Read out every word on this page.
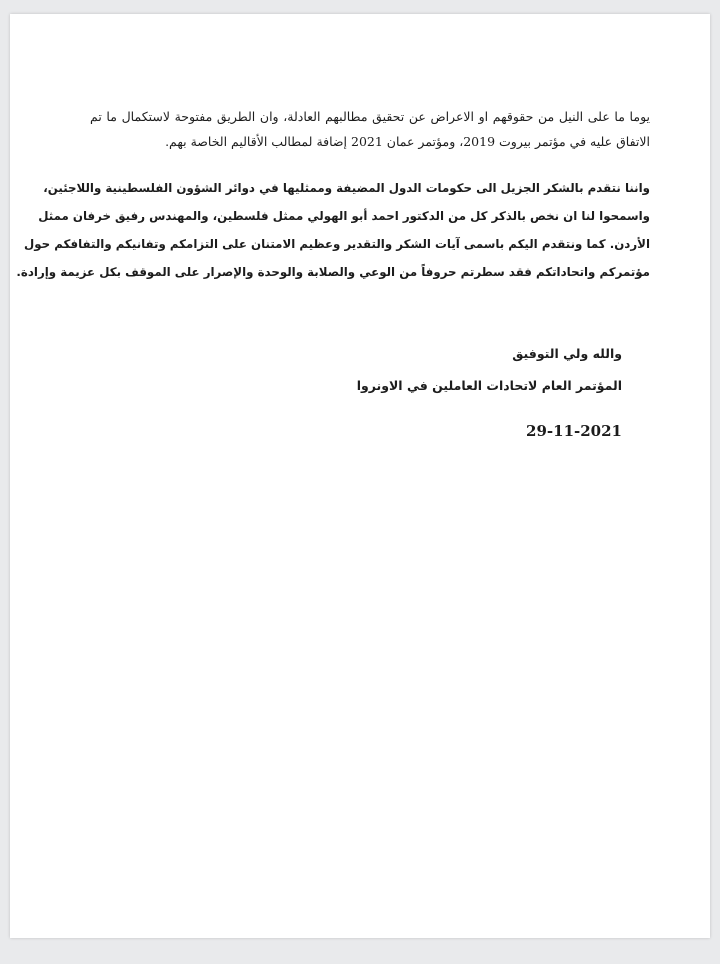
يوما ما على النيل من حقوقهم او الاعراض عن تحقيق مطالبهم العادلة، وان الطريق مفتوحة لاستكمال ما تم
الاتفاق عليه في مؤتمر بيروت 2019، ومؤتمر عمان 2021 إضافة لمطالب الأقاليم الخاصة بهم.
واننا نتقدم بالشكر الجزيل الى حكومات الدول المضيفة وممثليها في دوائر الشؤون الفلسطينية واللاجئين،
واسمحوا لنا ان نخص بالذكر كل من الدكتور احمد أبو الهولي ممثل فلسطين، والمهندس رفيق خرفان ممثل
الأردن. كما ونتقدم اليكم باسمى آيات الشكر والتقدير وعظيم الامتنان على التزامكم وتفانيكم والتفافكم حول
مؤتمركم واتحاداتكم فقد سطرتم حروفاً من الوعي والصلابة والوحدة والإصرار على الموقف بكل عزيمة وإرادة.
والله ولي التوفيق
المؤتمر العام لاتحادات العاملين في الاونروا
29-11-2021
